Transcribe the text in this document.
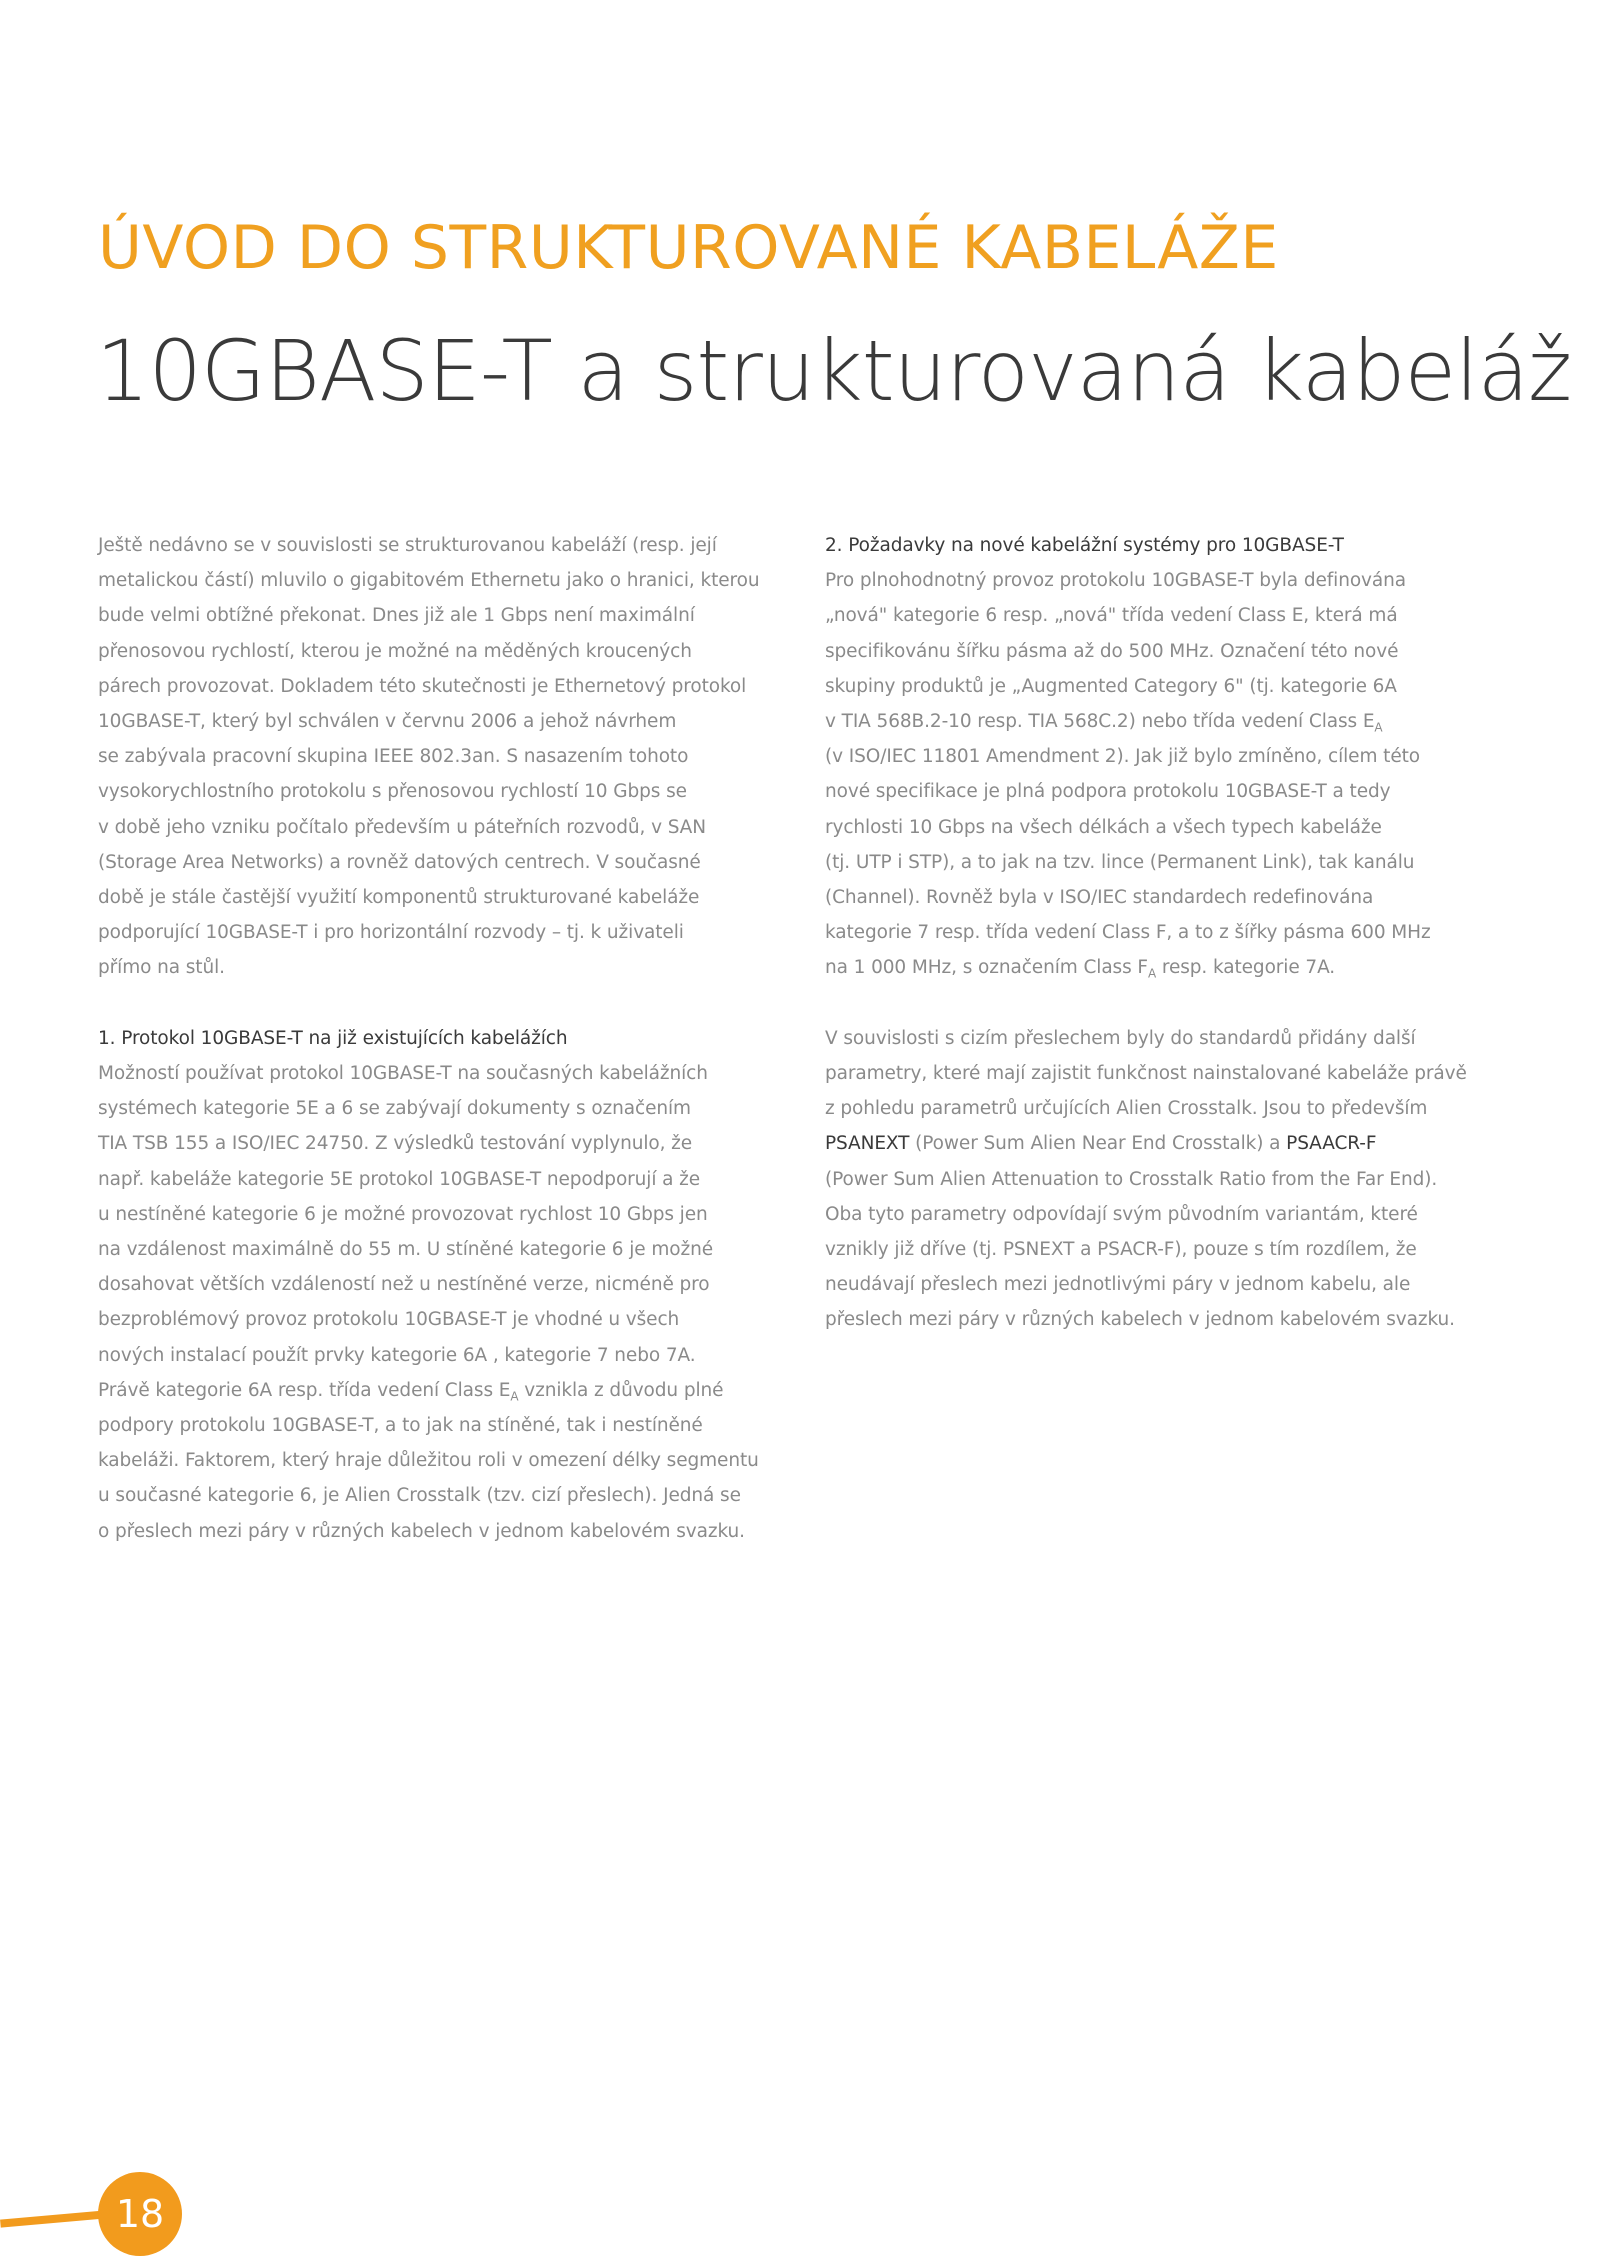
ÚVOD DO STRUKTUROVANÉ KABELÁŽE
10GBASE-T a strukturovaná kabeláž

Ještě nedávno se v souvislosti se strukturovanou kabeláží (resp. její

metalickou částí) mluvilo o gigabitovém Ethernetu jako o hranici, kterou

bude velmi obtížné překonat. Dnes již ale 1 Gbps není maximální

přenosovou rychlostí, kterou je možné na měděných kroucených

párech provozovat. Dokladem této skutečnosti je Ethernetový protokol

10GBASE-T, který byl schválen v červnu 2006 a jehož návrhem

se zabývala pracovní skupina IEEE 802.3an. S nasazením tohoto

vysokorychlostního protokolu s přenosovou rychlostí 10 Gbps se

v době jeho vzniku počítalo především u páteřních rozvodů, v SAN

(Storage Area Networks) a rovněž datových centrech. V současné

době je stále častější využití komponentů strukturované kabeláže

podporující 10GBASE-T i pro horizontální rozvody – tj. k uživateli

přímo na stůl.

1. Protokol 10GBASE-T na již existujících kabelážích

Možností používat protokol 10GBASE-T na současných kabelážních

systémech kategorie 5E a 6 se zabývají dokumenty s označením

TIA TSB 155 a ISO/IEC 24750. Z výsledků testování vyplynulo, že

např. kabeláže kategorie 5E protokol 10GBASE-T nepodporují a že

u nestíněné kategorie 6 je možné provozovat rychlost 10 Gbps jen

na vzdálenost maximálně do 55 m. U stíněné kategorie 6 je možné

dosahovat větších vzdáleností než u nestíněné verze, nicméně pro

bezproblémový provoz protokolu 10GBASE-T je vhodné u všech

nových instalací použít prvky kategorie 6A , kategorie 7 nebo 7A.

Právě kategorie 6A resp. třída vedení Class $E_A$ vznikla z důvodu plné

podpory protokolu 10GBASE-T, a to jak na stíněné, tak i nestíněné

kabeláži. Faktorem, který hraje důležitou roli v omezení délky segmentu

u současné kategorie 6, je Alien Crosstalk (tzv. cizí přeslech). Jedná se

o přeslech mezi páry v různých kabelech v jednom kabelovém svazku.

2. Požadavky na nové kabelážní systémy pro 10GBASE-T

Pro plnohodnotný provoz protokolu 10GBASE-T byla definována

„nová" kategorie 6 resp. „nová" třída vedení Class E, která má

specifikovánu šířku pásma až do 500 MHz. Označení této nové

skupiny produktů je „Augmented Category 6" (tj. kategorie 6A

v TIA 568B.2-10 resp. TIA 568C.2) nebo třída vedení Class $E_A$

(v ISO/IEC 11801 Amendment 2). Jak již bylo zmíněno, cílem této

nové specifikace je plná podpora protokolu 10GBASE-T a tedy

rychlosti 10 Gbps na všech délkách a všech typech kabeláže

(tj. UTP i STP), a to jak na tzv. lince (Permanent Link), tak kanálu

(Channel). Rovněž byla v ISO/IEC standardech redefinována

kategorie 7 resp. třída vedení Class F, a to z šířky pásma 600 MHz

na 1 000 MHz, s označením Class $F_A$ resp. kategorie 7A.

V souvislosti s cizím přeslechem byly do standardů přidány další

parametry, které mají zajistit funkčnost nainstalované kabeláže právě

z pohledu parametrů určujících Alien Crosstalk. Jsou to především

PSANEXT (Power Sum Alien Near End Crosstalk) a PSAACR-F

(Power Sum Alien Attenuation to Crosstalk Ratio from the Far End).

Oba tyto parametry odpovídají svým původním variantám, které

vznikly již dříve (tj. PSNEXT a PSACR-F), pouze s tím rozdílem, že

neudávají přeslech mezi jednotlivými páry v jednom kabelu, ale

přeslech mezi páry v různých kabelech v jednom kabelovém svazku.

18
